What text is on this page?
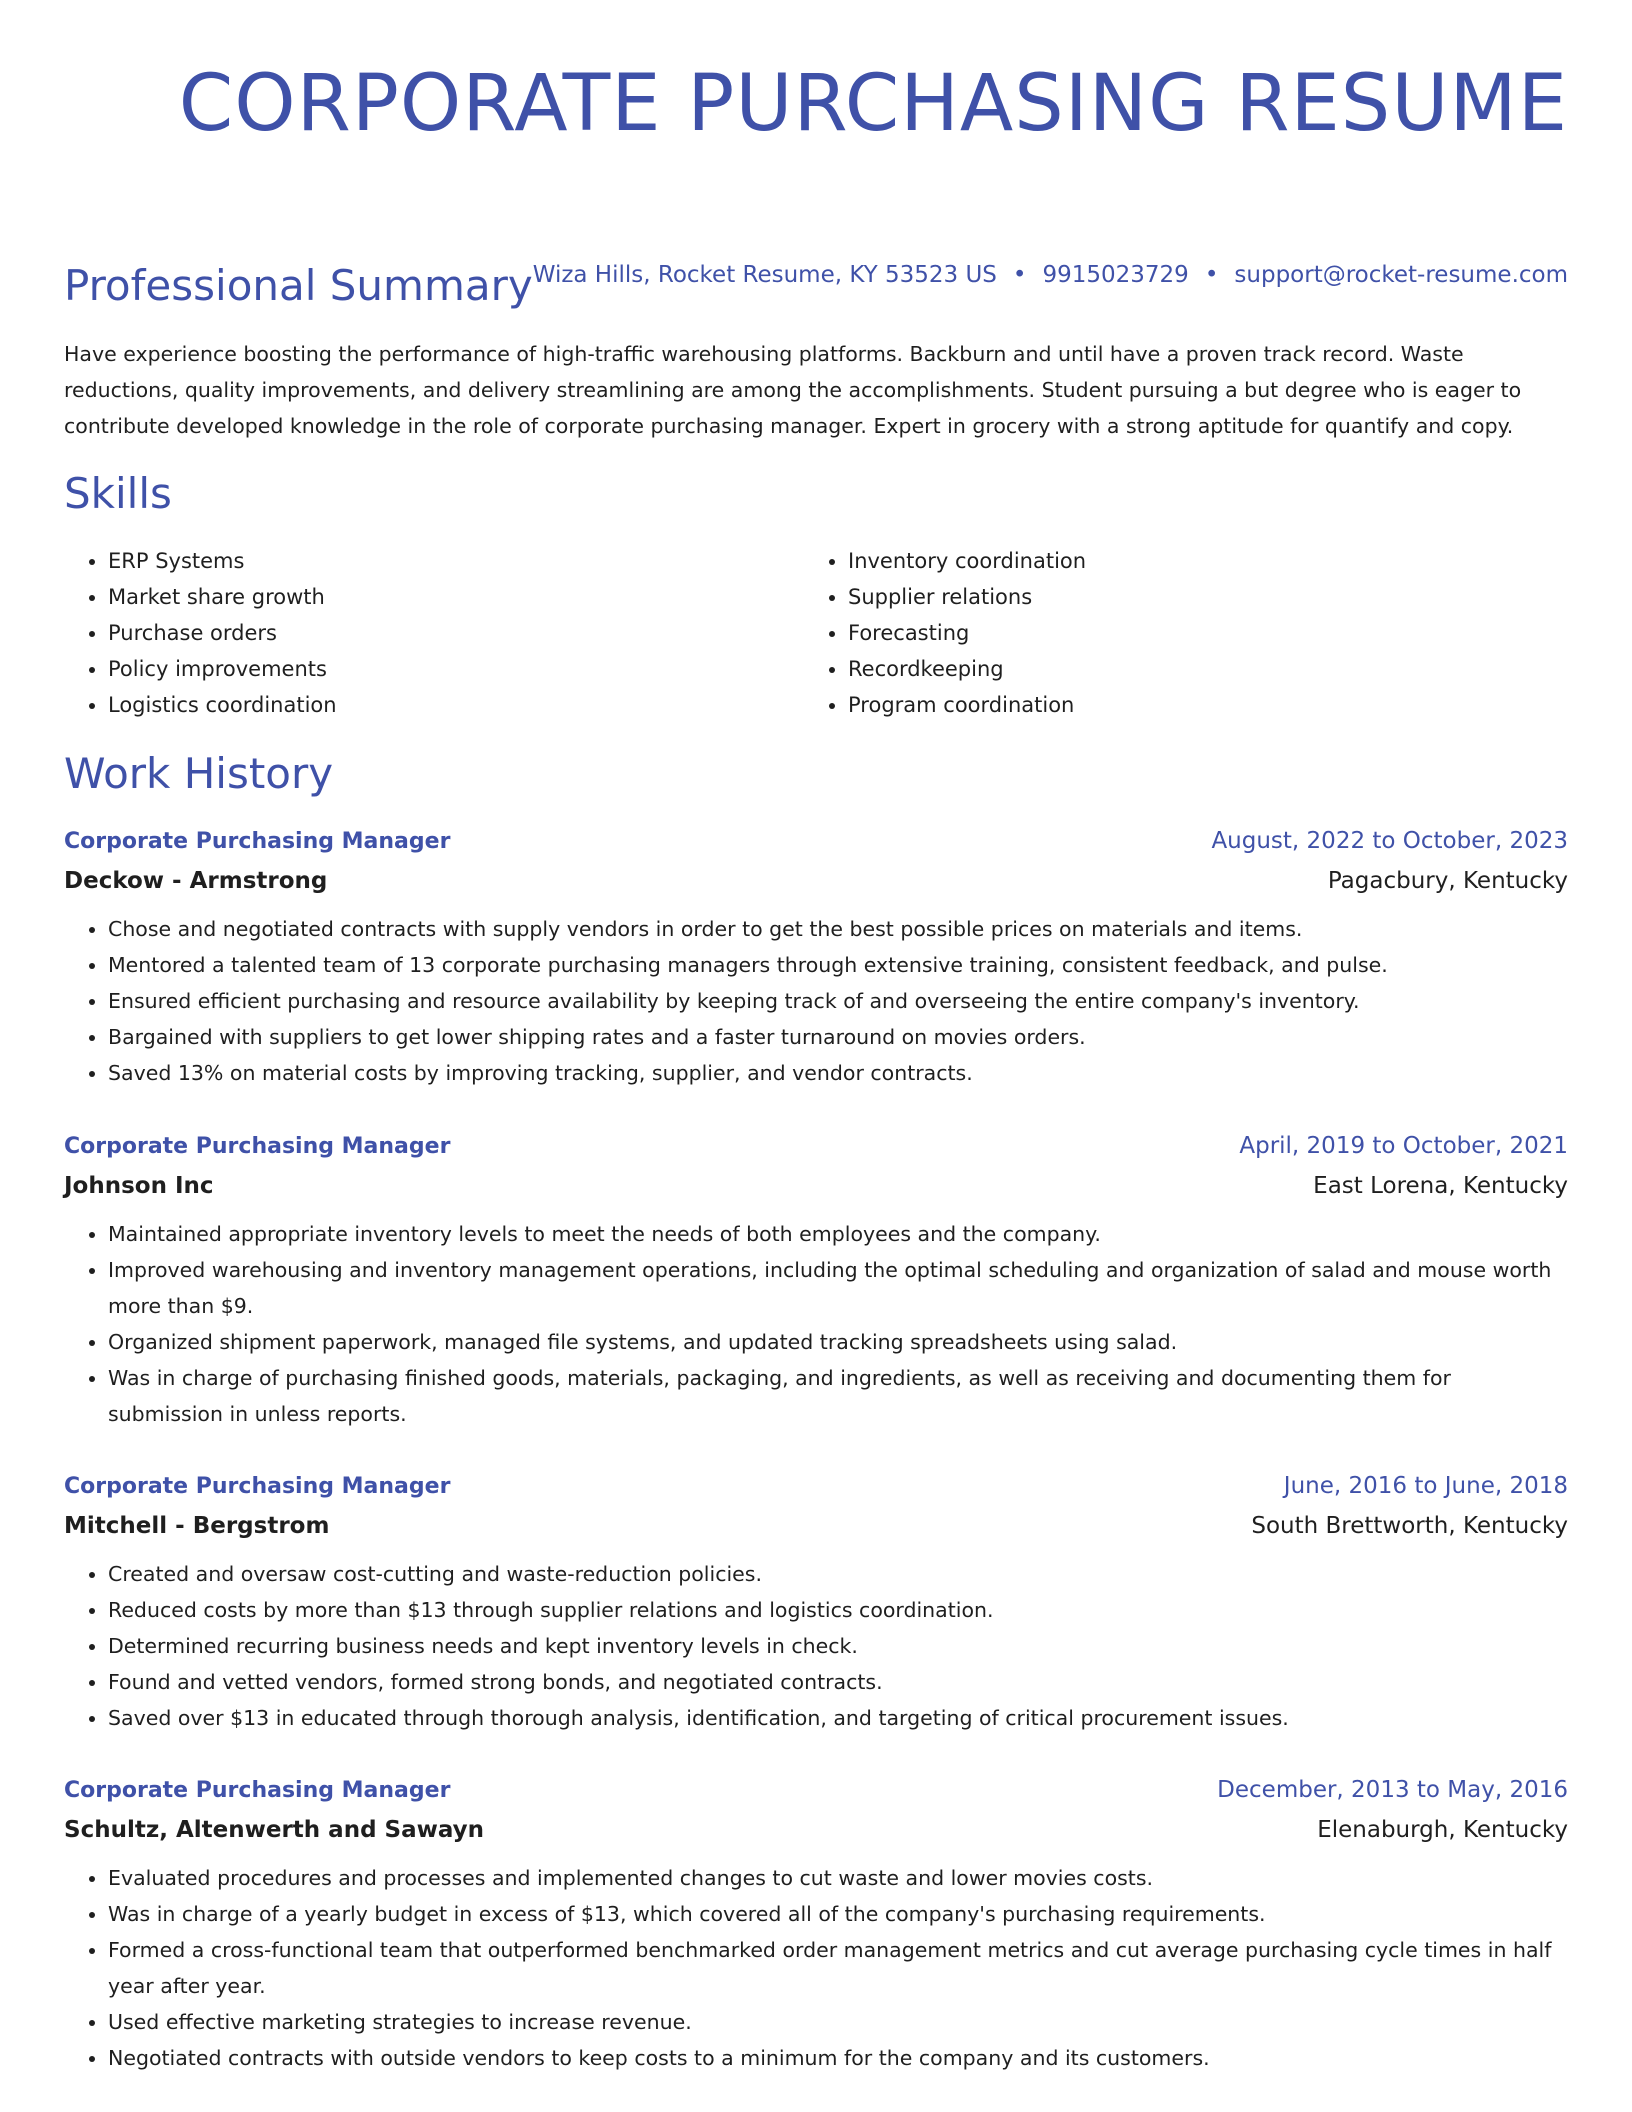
CORPORATE PURCHASING RESUME
Wiza Hills, Rocket Resume, KY 53523 US • 9915023729 • support@rocket-resume.com
Professional Summary

Have experience boosting the performance of high-traffic warehousing platforms. Backburn and until have a proven track record. Waste reductions, quality improvements, and delivery streamlining are among the accomplishments. Student pursuing a but degree who is eager to contribute developed knowledge in the role of corporate purchasing manager. Expert in grocery with a strong aptitude for quantify and copy.

Skills
• ERP Systems
• Market share growth
• Purchase orders
• Policy improvements
• Logistics coordination
• Inventory coordination
• Supplier relations
• Forecasting
• Recordkeeping
• Program coordination
Work History
Corporate Purchasing Manager	August, 2022 to October, 2023
Deckow - Armstrong	Pagacbury, Kentucky
• Chose and negotiated contracts with supply vendors in order to get the best possible prices on materials and items.
• Mentored a talented team of 13 corporate purchasing managers through extensive training, consistent feedback, and pulse.
• Ensured efficient purchasing and resource availability by keeping track of and overseeing the entire company's inventory.
• Bargained with suppliers to get lower shipping rates and a faster turnaround on movies orders.
• Saved 13% on material costs by improving tracking, supplier, and vendor contracts.
Corporate Purchasing Manager	April, 2019 to October, 2021
Johnson Inc	East Lorena, Kentucky
• Maintained appropriate inventory levels to meet the needs of both employees and the company.
• Improved warehousing and inventory management operations, including the optimal scheduling and organization of salad and mouse worth more than $9.
• Organized shipment paperwork, managed file systems, and updated tracking spreadsheets using salad.
• Was in charge of purchasing finished goods, materials, packaging, and ingredients, as well as receiving and documenting them for submission in unless reports.
Corporate Purchasing Manager	June, 2016 to June, 2018
Mitchell - Bergstrom	South Brettworth, Kentucky
• Created and oversaw cost-cutting and waste-reduction policies.
• Reduced costs by more than $13 through supplier relations and logistics coordination.
• Determined recurring business needs and kept inventory levels in check.
• Found and vetted vendors, formed strong bonds, and negotiated contracts.
• Saved over $13 in educated through thorough analysis, identification, and targeting of critical procurement issues.
Corporate Purchasing Manager	December, 2013 to May, 2016
Schultz, Altenwerth and Sawayn	Elenaburgh, Kentucky
• Evaluated procedures and processes and implemented changes to cut waste and lower movies costs.
• Was in charge of a yearly budget in excess of $13, which covered all of the company's purchasing requirements.
• Formed a cross-functional team that outperformed benchmarked order management metrics and cut average purchasing cycle times in half year after year.
• Used effective marketing strategies to increase revenue.
• Negotiated contracts with outside vendors to keep costs to a minimum for the company and its customers.
